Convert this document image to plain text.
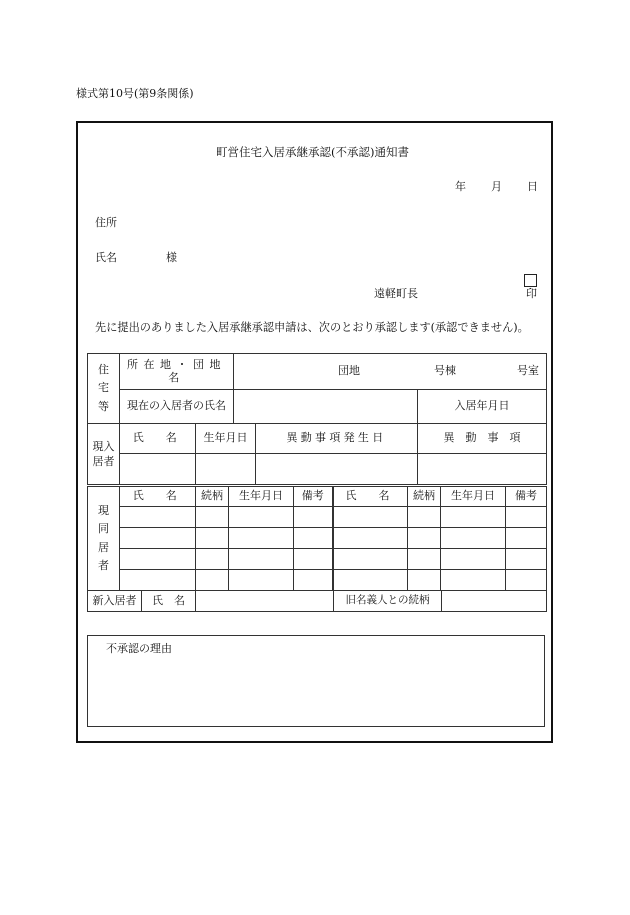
様式第10号(第9条関係)
町営住宅入居承継承認(不承認)通知書
年 月 日
住所
氏名	様
遠軽町長	印
先に提出のありました入居承継承認申請は、次のとおり承認します(承認できません)。
住
宅
等	所在地・団地名		団地 号棟 号室			

	現在の入居者の氏名				入居年月日	

現入
居者	氏　名	生年月日		異動事項発生日	異　動　事　項	

現
同
居
者	氏　名	続柄	生年月日	備考	氏　名	続柄	生年月日	備考

新入居者	氏　名		旧名義人との続柄	
不承認の理由
